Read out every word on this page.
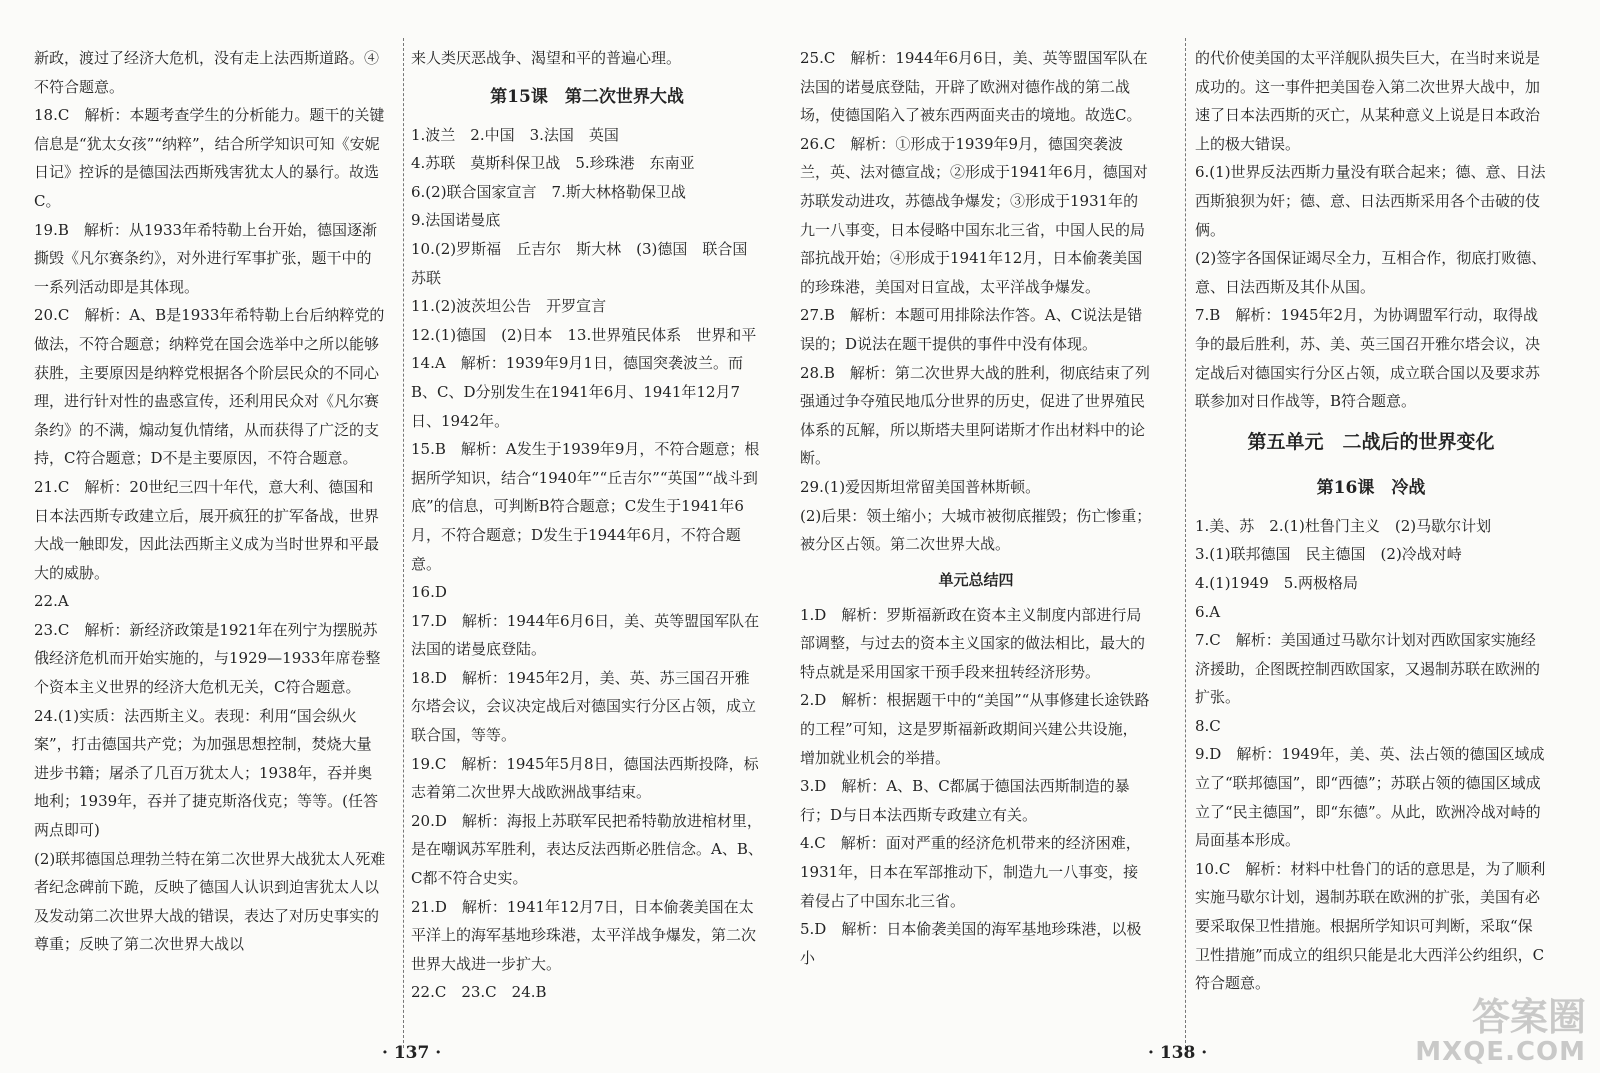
新政，渡过了经济大危机，没有走上法西斯道路。④不符合题意。

18.C　解析：本题考查学生的分析能力。题干的关键信息是“犹太女孩”“纳粹”，结合所学知识可知《安妮日记》控诉的是德国法西斯残害犹太人的暴行。故选C。

19.B　解析：从1933年希特勒上台开始，德国逐渐撕毁《凡尔赛条约》，对外进行军事扩张，题干中的一系列活动即是其体现。

20.C　解析：A、B是1933年希特勒上台后纳粹党的做法，不符合题意；纳粹党在国会选举中之所以能够获胜，主要原因是纳粹党根据各个阶层民众的不同心理，进行针对性的蛊惑宣传，还利用民众对《凡尔赛条约》的不满，煽动复仇情绪，从而获得了广泛的支持，C符合题意；D不是主要原因，不符合题意。

21.C　解析：20世纪三四十年代，意大利、德国和日本法西斯专政建立后，展开疯狂的扩军备战，世界大战一触即发，因此法西斯主义成为当时世界和平最大的威胁。

22.A

23.C　解析：新经济政策是1921年在列宁为摆脱苏俄经济危机而开始实施的，与1929—1933年席卷整个资本主义世界的经济大危机无关，C符合题意。

24.(1)实质：法西斯主义。表现：利用“国会纵火案”，打击德国共产党；为加强思想控制，焚烧大量进步书籍；屠杀了几百万犹太人；1938年，吞并奥地利；1939年，吞并了捷克斯洛伐克；等等。(任答两点即可)

(2)联邦德国总理勃兰特在第二次世界大战犹太人死难者纪念碑前下跪，反映了德国人认识到迫害犹太人以及发动第二次世界大战的错误，表达了对历史事实的尊重；反映了第二次世界大战以

来人类厌恶战争、渴望和平的普遍心理。

第15课　第二次世界大战

1.波兰　2.中国　3.法国　英国

4.苏联　莫斯科保卫战　5.珍珠港　东南亚

6.(2)联合国家宣言　7.斯大林格勒保卫战

9.法国诺曼底

10.(2)罗斯福　丘吉尔　斯大林　(3)德国　联合国　苏联

11.(2)波茨坦公告　开罗宣言

12.(1)德国　(2)日本　13.世界殖民体系　世界和平

14.A　解析：1939年9月1日，德国突袭波兰。而B、C、D分别发生在1941年6月、1941年12月7日、1942年。

15.B　解析：A发生于1939年9月，不符合题意；根据所学知识，结合“1940年”“丘吉尔”“英国”“战斗到底”的信息，可判断B符合题意；C发生于1941年6月，不符合题意；D发生于1944年6月，不符合题意。

16.D

17.D　解析：1944年6月6日，美、英等盟国军队在法国的诺曼底登陆。

18.D　解析：1945年2月，美、英、苏三国召开雅尔塔会议，会议决定战后对德国实行分区占领，成立联合国，等等。

19.C　解析：1945年5月8日，德国法西斯投降，标志着第二次世界大战欧洲战事结束。

20.D　解析：海报上苏联军民把希特勒放进棺材里，是在嘲讽苏军胜利，表达反法西斯必胜信念。A、B、C都不符合史实。

21.D　解析：1941年12月7日，日本偷袭美国在太平洋上的海军基地珍珠港，太平洋战争爆发，第二次世界大战进一步扩大。

22.C　23.C　24.B

25.C　解析：1944年6月6日，美、英等盟国军队在法国的诺曼底登陆，开辟了欧洲对德作战的第二战场，使德国陷入了被东西两面夹击的境地。故选C。

26.C　解析：①形成于1939年9月，德国突袭波兰，英、法对德宣战；②形成于1941年6月，德国对苏联发动进攻，苏德战争爆发；③形成于1931年的九一八事变，日本侵略中国东北三省，中国人民的局部抗战开始；④形成于1941年12月，日本偷袭美国的珍珠港，美国对日宣战，太平洋战争爆发。

27.B　解析：本题可用排除法作答。A、C说法是错误的；D说法在题干提供的事件中没有体现。

28.B　解析：第二次世界大战的胜利，彻底结束了列强通过争夺殖民地瓜分世界的历史，促进了世界殖民体系的瓦解，所以斯塔夫里阿诺斯才作出材料中的论断。

29.(1)爱因斯坦常留美国普林斯顿。

(2)后果：领土缩小；大城市被彻底摧毁；伤亡惨重；被分区占领。第二次世界大战。

单元总结四

1.D　解析：罗斯福新政在资本主义制度内部进行局部调整，与过去的资本主义国家的做法相比，最大的特点就是采用国家干预手段来扭转经济形势。

2.D　解析：根据题干中的“美国”“从事修建长途铁路的工程”可知，这是罗斯福新政期间兴建公共设施，增加就业机会的举措。

3.D　解析：A、B、C都属于德国法西斯制造的暴行；D与日本法西斯专政建立有关。

4.C　解析：面对严重的经济危机带来的经济困难，1931年，日本在军部推动下，制造九一八事变，接着侵占了中国东北三省。

5.D　解析：日本偷袭美国的海军基地珍珠港，以极小

的代价使美国的太平洋舰队损失巨大，在当时来说是成功的。这一事件把美国卷入第二次世界大战中，加速了日本法西斯的灭亡，从某种意义上说是日本政治上的极大错误。

6.(1)世界反法西斯力量没有联合起来；德、意、日法西斯狼狈为奸；德、意、日法西斯采用各个击破的伎俩。

(2)签字各国保证竭尽全力，互相合作，彻底打败德、意、日法西斯及其仆从国。

7.B　解析：1945年2月，为协调盟军行动，取得战争的最后胜利，苏、美、英三国召开雅尔塔会议，决定战后对德国实行分区占领，成立联合国以及要求苏联参加对日作战等，B符合题意。

第五单元　二战后的世界变化
第16课　冷战

1.美、苏　2.(1)杜鲁门主义　(2)马歇尔计划

3.(1)联邦德国　民主德国　(2)冷战对峙

4.(1)1949　5.两极格局

6.A

7.C　解析：美国通过马歇尔计划对西欧国家实施经济援助，企图既控制西欧国家，又遏制苏联在欧洲的扩张。

8.C

9.D　解析：1949年，美、英、法占领的德国区域成立了“联邦德国”，即“西德”；苏联占领的德国区域成立了“民主德国”，即“东德”。从此，欧洲冷战对峙的局面基本形成。

10.C　解析：材料中杜鲁门的话的意思是，为了顺利实施马歇尔计划，遏制苏联在欧洲的扩张，美国有必要采取保卫性措施。根据所学知识可判断，采取“保卫性措施”而成立的组织只能是北大西洋公约组织，C符合题意。

· 137 ·	· 138 ·
答案圈
MXQE.COM
